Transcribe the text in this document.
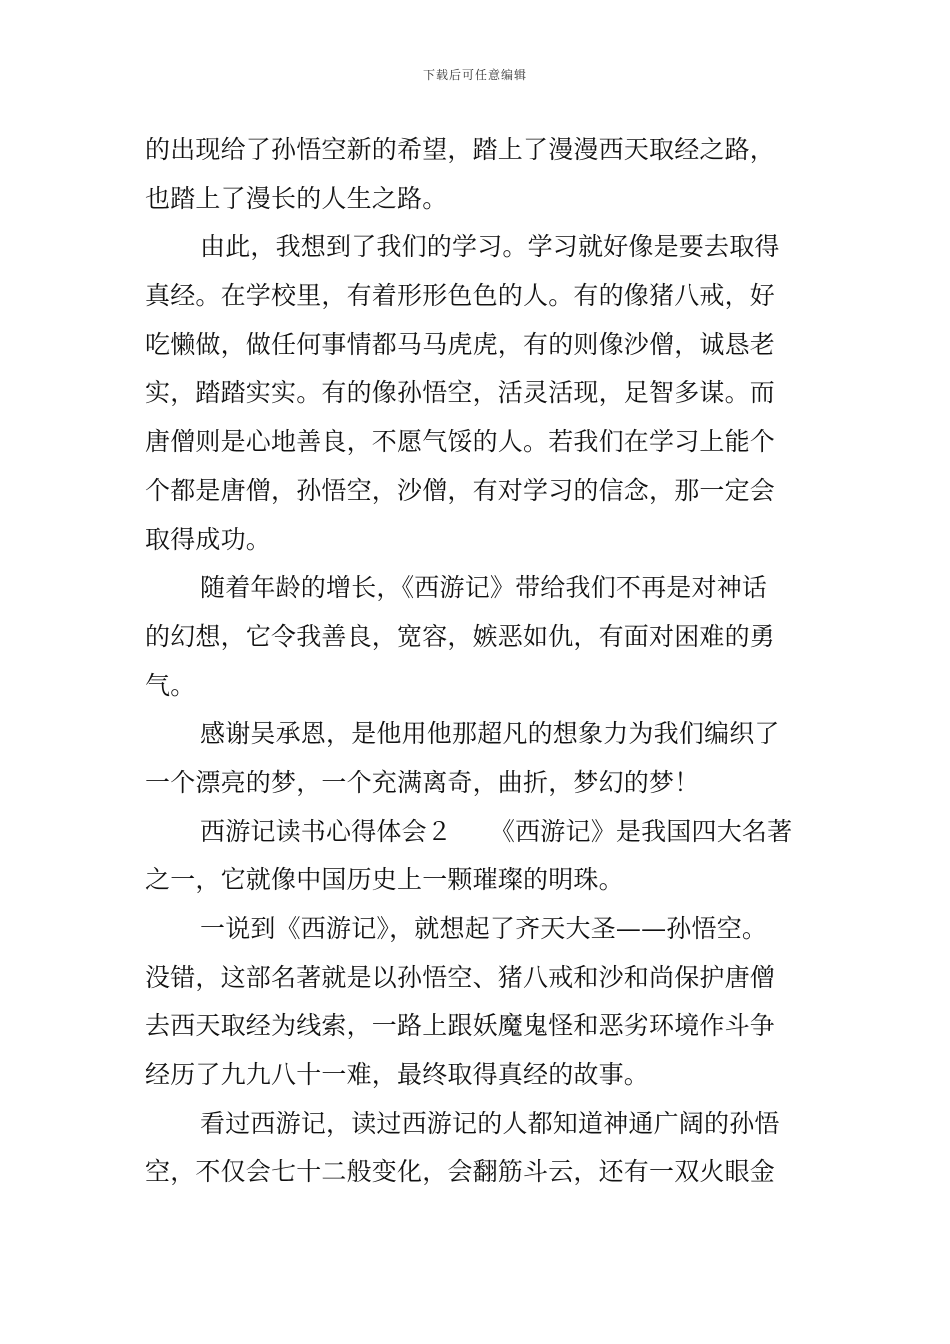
下载后可任意编辑
的出现给了孙悟空新的希望，踏上了漫漫西天取经之路，
也踏上了漫长的人生之路。
由此，我想到了我们的学习。学习就好像是要去取得
真经。在学校里，有着形形色色的人。有的像猪八戒，好
吃懒做，做任何事情都马马虎虎，有的则像沙僧，诚恳老
实，踏踏实实。有的像孙悟空，活灵活现，足智多谋。而
唐僧则是心地善良，不愿气馁的人。若我们在学习上能个
个都是唐僧，孙悟空，沙僧，有对学习的信念，那一定会
取得成功。
随着年龄的增长，《西游记》带给我们不再是对神话
的幻想，它令我善良，宽容，嫉恶如仇，有面对困难的勇
气。
感谢吴承恩，是他用他那超凡的想象力为我们编织了
一个漂亮的梦，一个充满离奇，曲折，梦幻的梦！
西游记读书心得体会２　　《西游记》是我国四大名著
之一，它就像中国历史上一颗璀璨的明珠。
一说到《西游记》，就想起了齐天大圣——孙悟空。
没错，这部名著就是以孙悟空、猪八戒和沙和尚保护唐僧
去西天取经为线索，一路上跟妖魔鬼怪和恶劣环境作斗争
经历了九九八十一难，最终取得真经的故事。
看过西游记，读过西游记的人都知道神通广阔的孙悟
空，不仅会七十二般变化，会翻筋斗云，还有一双火眼金
